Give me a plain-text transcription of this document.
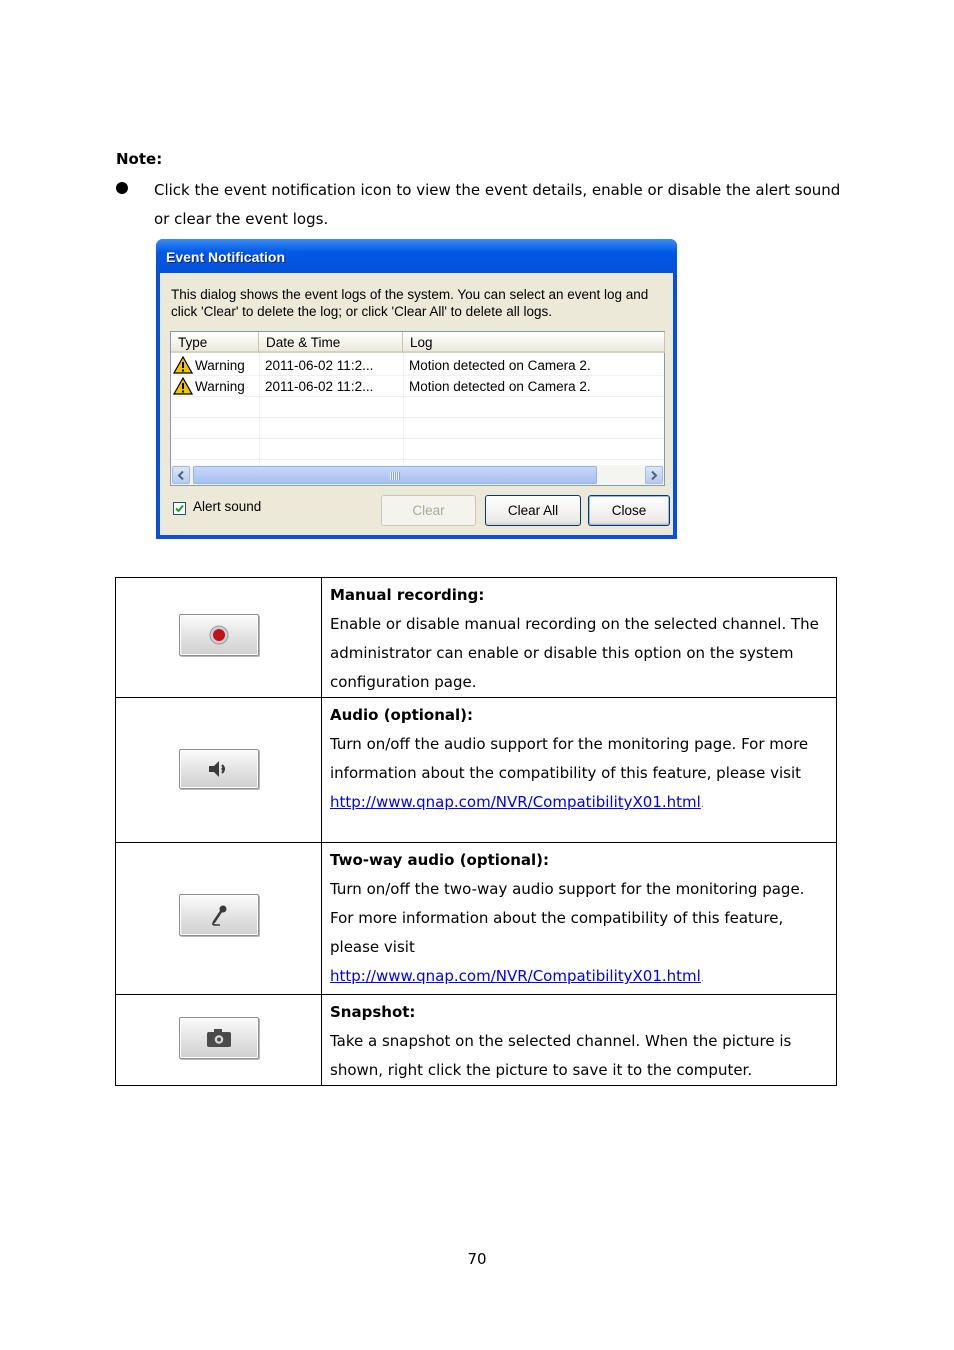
Note:
Click the event notification icon to view the event details, enable or disable the alert sound or clear the event logs.
Event Notification
This dialog shows the event logs of the system. You can select an event log and click 'Clear' to delete the log; or click 'Clear All' to delete all logs.
Type	Date & Time	Log
Warning 2011-06-02 11:2...	Motion detected on Camera 2.
Warning 2011-06-02 11:2...	Motion detected on Camera 2.
Alert sound	Clear	Clear All	Close
	Manual recording:
Enable or disable manual recording on the selected channel. The administrator can enable or disable this option on the system configuration page.

	Audio (optional):
Turn on/off the audio support for the monitoring page. For more information about the compatibility of this feature, please visit
http://www.qnap.com/NVR/CompatibilityX01.html.

	Two-way audio (optional):
Turn on/off the two-way audio support for the monitoring page. For more information about the compatibility of this feature, please visit
http://www.qnap.com/NVR/CompatibilityX01.html.

	Snapshot:
Take a snapshot on the selected channel. When the picture is shown, right click the picture to save it to the computer.
70
